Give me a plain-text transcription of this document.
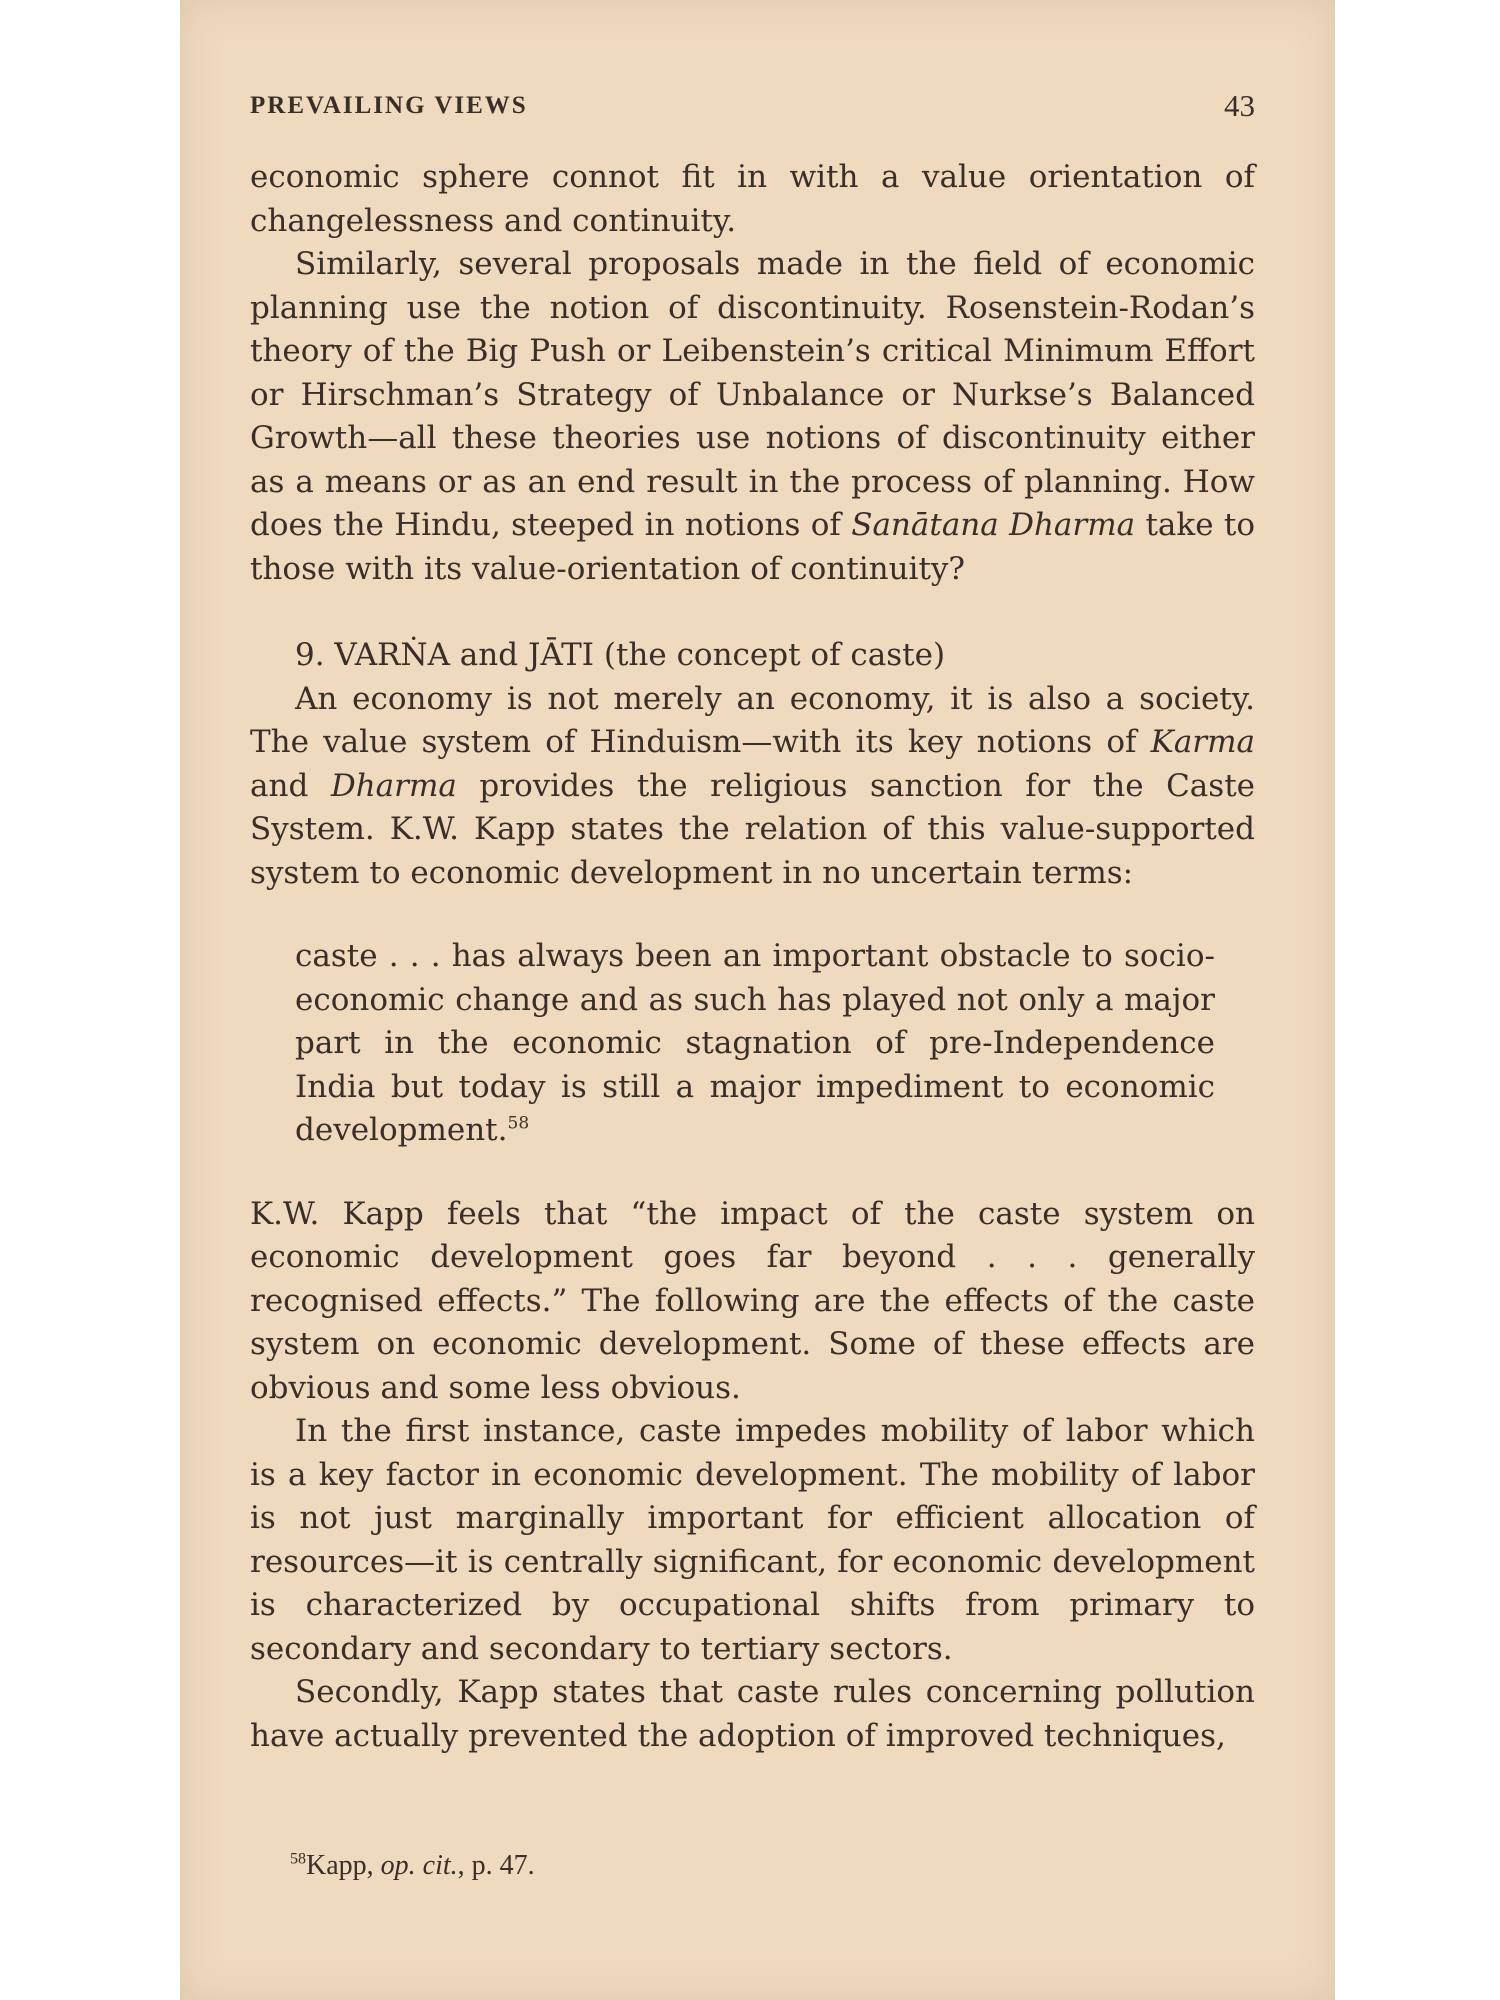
PREVAILING VIEWS	43

economic sphere connot fit in with a value orientation of changelessness and continuity.

Similarly, several proposals made in the field of economic planning use the notion of discontinuity. Rosenstein-Rodan’s theory of the Big Push or Leibenstein’s critical Minimum Effort or Hirschman’s Strategy of Unbalance or Nurkse’s Balanced Growth—all these theories use notions of discontinuity either as a means or as an end result in the process of planning. How does the Hindu, steeped in notions of Sanātana Dharma take to those with its value-orientation of continuity?

9. VARṄA and JĀTI (the concept of caste)

An economy is not merely an economy, it is also a society. The value system of Hinduism—with its key notions of Karma and Dharma provides the religious sanction for the Caste System. K.W. Kapp states the relation of this value-supported system to economic development in no uncertain terms:

caste . . . has always been an important obstacle to socio-economic change and as such has played not only a major part in the economic stagnation of pre-Independence India but today is still a major impediment to economic development.$^{58}$

K.W. Kapp feels that “the impact of the caste system on economic development goes far beyond . . . generally recognised effects.” The following are the effects of the caste system on economic development. Some of these effects are obvious and some less obvious.

In the first instance, caste impedes mobility of labor which is a key factor in economic development. The mobility of labor is not just marginally important for efficient allocation of resources—it is centrally significant, for economic development is characterized by occupational shifts from primary to secondary and secondary to tertiary sectors.

Secondly, Kapp states that caste rules concerning pollution have actually prevented the adoption of improved techniques,

$^{58}$Kapp, op. cit., p. 47.
